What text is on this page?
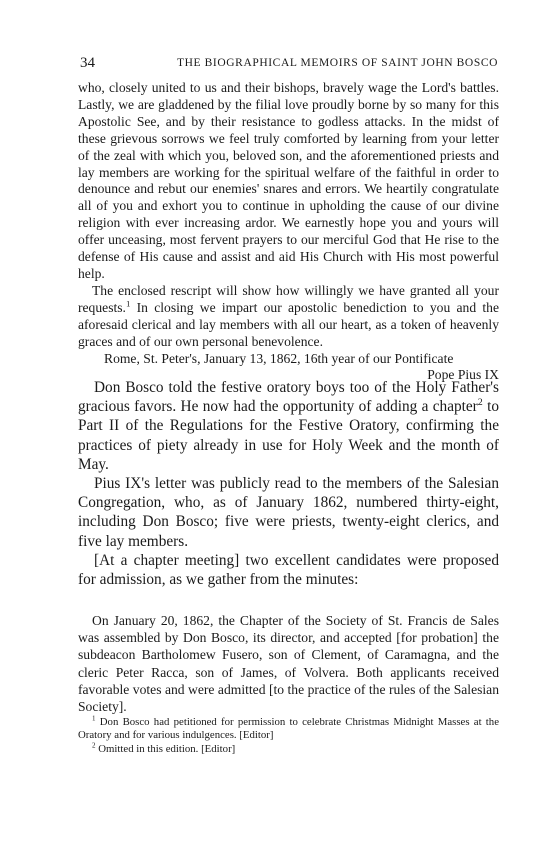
34	THE BIOGRAPHICAL MEMOIRS OF SAINT JOHN BOSCO

who, closely united to us and their bishops, bravely wage the Lord's battles. Lastly, we are gladdened by the filial love proudly borne by so many for this Apostolic See, and by their resistance to godless attacks. In the midst of these grievous sorrows we feel truly comforted by learning from your letter of the zeal with which you, beloved son, and the aforementioned priests and lay members are working for the spiritual welfare of the faithful in order to denounce and rebut our enemies' snares and errors. We heartily congratulate all of you and exhort you to continue in upholding the cause of our divine religion with ever increasing ardor. We earnestly hope you and yours will offer unceasing, most fervent prayers to our merciful God that He rise to the defense of His cause and assist and aid His Church with His most powerful help.

The enclosed rescript will show how willingly we have granted all your requests.$^1$ In closing we impart our apostolic benediction to you and the aforesaid clerical and lay members with all our heart, as a token of heavenly graces and of our own personal benevolence.

Rome, St. Peter's, January 13, 1862, 16th year of our Pontificate

Pope Pius IX

Don Bosco told the festive oratory boys too of the Holy Father's gracious favors. He now had the opportunity of adding a chapter$^2$ to Part II of the Regulations for the Festive Oratory, confirming the practices of piety already in use for Holy Week and the month of May.

Pius IX's letter was publicly read to the members of the Salesian Congregation, who, as of January 1862, numbered thirty-eight, including Don Bosco; five were priests, twenty-eight clerics, and five lay members.

[At a chapter meeting] two excellent candidates were proposed for admission, as we gather from the minutes:

On January 20, 1862, the Chapter of the Society of St. Francis de Sales was assembled by Don Bosco, its director, and accepted [for probation] the subdeacon Bartholomew Fusero, son of Clement, of Caramagna, and the cleric Peter Racca, son of James, of Volvera. Both applicants received favorable votes and were admitted [to the practice of the rules of the Salesian Society].

$^1$ Don Bosco had petitioned for permission to celebrate Christmas Midnight Masses at the Oratory and for various indulgences. [Editor]

$^2$ Omitted in this edition. [Editor]
